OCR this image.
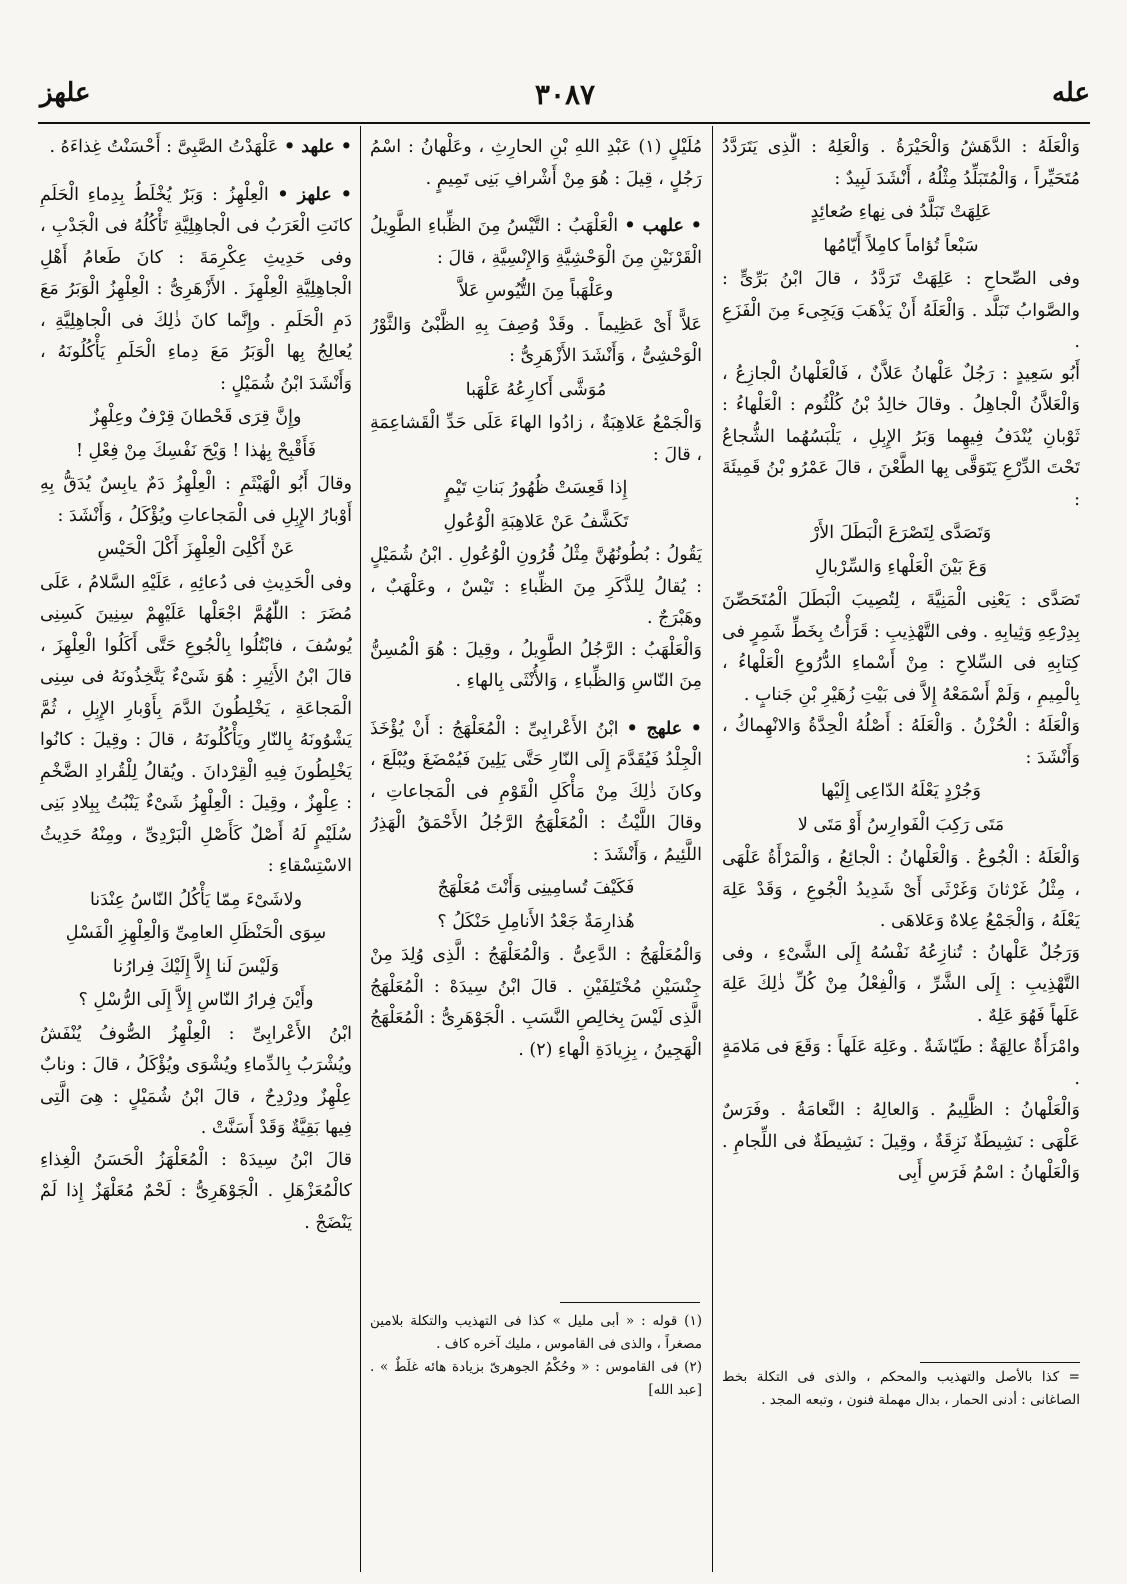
عله
٣٠٨٧
علهز

وَالْعَلَهُ : الدَّهَشُ وَالْحَيْرَةُ . وَالْعَلِهُ : الَّذِى يَتَرَدَّدُ مُتَحَيِّراً ، وَالْمُتَبَلِّدُ مِثْلُهُ ، أَنْشَدَ لَبِيدٌ :

عَلِهَتْ تَبَلَّدُ فى نِهاءِ صُعائِدٍ

سَبْعاً تُؤاماً كامِلاً أَيّامُها

وفى الصِّحاحِ : عَلِهَتْ تَرَدَّدُ ، قالَ ابْنُ بَرِّىٍّ : والصَّوابُ تَبَلَّد . وَالْعَلَهُ أَنْ يَذْهَبَ وَيَجِىءَ مِنَ الْفَزَعِ .

أَبُو سَعِيدٍ : رَجُلٌ عَلْهانُ عَلاَّنٌ ، فَالْعَلْهانُ الْجازِعُ ، وَالْعَلاَّنُ الْجاهِلُ . وقالَ خالِدُ بْنُ كُلْثُوم : الْعَلْهاءُ : ثَوْبانِ يُنْدَفُ فِيهِما وَبَرُ الإِبِلِ ، يَلْبَسُهُما الشُّجاعُ تَحْتَ الدِّرْعِ يَتَوَقَّى بِها الطَّعْنَ ، قالَ عَمْرُو بْنُ قَمِيئَةَ :

وَتَصَدَّى لِتَصْرَعَ الْبَطَلَ الأَرْ

وَعَ بَيْنَ الْعَلْهاءِ وَالسِّرْبالِ

تَصَدَّى : يَعْنِى الْمَنِيَّةَ ، لِتُصِيبَ الْبَطَلَ الْمُتَحَصِّنَ بِدِرْعِهِ وَثِيابِهِ . وفى التَّهْذِيبِ : قَرَأْتُ بِخَطِّ شَمِرٍ فى كِتابِهِ فى السِّلاحِ : مِنْ أَسْماءِ الدُّرُوعِ الْعَلْهاءُ ، بِالْمِيمِ ، وَلَمْ أَسْمَعْهُ إِلاَّ فى بَيْتِ زُهَيْرِ بْنِ جَنابٍ .

وَالْعَلَهُ : الْحُزْنُ . وَالْعَلَهُ : أَصْلُهُ الْحِدَّةُ وَالانْهِماكُ ، وَأَنْشَدَ :

وَجُرْدٍ يَعْلَهُ الدّاعِى إِلَيْها

مَتَى رَكِبَ الْفَوارِسُ أَوْ مَتَى لا

وَالْعَلَهُ : الْجُوعُ . وَالْعَلْهانُ : الْجائِعُ ، وَالْمَرْأَةُ عَلْهَى ، مِثْلُ غَرْثانَ وَغَرْثَى أَىْ شَدِيدُ الْجُوعِ ، وَقَدْ عَلِهَ يَعْلَهُ ، وَالْجَمْعُ عِلاهٌ وَعَلاهَى .

وَرَجُلٌ عَلْهانُ : تُنازِعُهُ نَفْسُهُ إِلَى الشَّىْءِ ، وفى التَّهْذِيبِ : إِلَى الشَّرِّ ، وَالْفِعْلُ مِنْ كُلِّ ذٰلِكَ عَلِهَ عَلَهاً فَهُوَ عَلِهٌ .

وامْرَأَةٌ عالِهَةٌ : طَيّاشَةٌ . وعَلِهَ عَلَهاً : وَقَعَ فى مَلامَةٍ .

وَالْعَلْهانُ : الظَّلِيمُ . وَالعالِهُ : النَّعامَةُ . وفَرَسٌ عَلْهَى : نَشِيطَةٌ نَزِقَةٌ ، وقِيلَ : نَشِيطَةٌ فى اللِّجامِ . وَالْعَلْهانُ : اسْمُ فَرَسِ أَبِى

= كذا بالأصل والتهذيب والمحكم ، والذى فى التكلة بخط الصاغانى : أدنى الحمار ، بدال مهملة فنون ، وتبعه المجد .

مُلَيْلٍ (١) عَبْدِ اللهِ بْنِ الحارِثِ ، وعَلْهانُ : اسْمُ رَجُلٍ ، قِيلَ : هُوَ مِنْ أَشْرافِ بَنِى تَمِيمٍ .

• علهب • الْعَلْهَبُ : التَّيْسُ مِنَ الظِّباءِ الطَّوِيلُ الْقَرْنَيْنِ مِنَ الْوَحْشِيَّةِ وَالإِنْسِيَّةِ ، قالَ :

وعَلْهَباً مِنَ التُّيُوسِ عَلاَّ

عَلاًّ أَىْ عَظِيماً . وقَدْ وُصِفَ بِهِ الظَّبْىُ وَالثَّوْرُ الْوَحْشِىُّ ، وَأَنْشَدَ الأَزْهَرِىُّ :

مُوَشَّى أَكارِعُهُ عَلْهَبا

وَالْجَمْعُ عَلاهِبَةٌ ، زادُوا الهاءَ عَلَى حَدِّ الْقَشاعِمَةِ ، قالَ :

إِذا قَعِسَتْ ظُهُورُ بَناتِ تَيْمٍ

تَكَشَّفُ عَنْ عَلاهِبَةِ الْوُعُولِ

يَقُولُ : بُطُونُهُنَّ مِثْلُ قُرُونِ الْوُعُولِ . ابْنُ شُمَيْلٍ : يُقالُ لِلذَّكَرِ مِنَ الظِّباءِ : تَيْسٌ ، وعَلْهَبٌ ، وهَبْرَجٌ .

وَالْعَلْهَبُ : الرَّجُلُ الطَّوِيلُ ، وقِيلَ : هُوَ الْمُسِنُّ مِنَ النّاسِ وَالظِّباءِ ، وَالأُنْثَى بِالهاءِ .

• علهج • ابْنُ الأَعْرابِىِّ : الْمُعَلْهَجُ : أَنْ يُؤْخَذَ الْجِلْدُ فَيُقَدَّمَ إِلَى النّارِ حَتَّى يَلِينَ فَيُمْضَغَ ويُبْلَعَ ، وكانَ ذٰلِكَ مِنْ مَأْكَلِ الْقَوْمِ فى الْمَجاعاتِ ، وقالَ اللَّيْثُ : الْمُعَلْهَجُ الرَّجُلُ الأَحْمَقُ الْهَذِرُ اللَّئِيمُ ، وَأَنْشَدَ :

فَكَيْفَ تُسامِينِى وَأَنْتَ مُعَلْهَجٌ

هُذارِمَةٌ جَعْدُ الأَنامِلِ حَنْكَلُ ؟

وَالْمُعَلْهَجُ : الدَّعِىُّ . وَالْمُعَلْهَجُ : الَّذِى وُلِدَ مِنْ جِنْسَيْنِ مُخْتَلِفَيْنِ . قالَ ابْنُ سِيدَهْ : الْمُعَلْهَجُ الَّذِى لَيْسَ بِخالِصِ النَّسَبِ . الْجَوْهَرِىُّ : الْمُعَلْهَجُ الْهَجِينُ ، بِزِيادَةِ الْهاءِ (٢) .

(١) قوله : « أبى مليل » كذا فى التهذيب والتكلة بلامين مصغراً ، والذى فى القاموس ، مليك آخره كاف .

(٢) فى القاموس : « وحُكْمُ الجوهرىّ بزيادة هائه غلَطٌ » . [عبد الله]

• علهد • عَلْهَدْتُ الصَّبِىَّ : أَحْسَنْتُ غِذاءَهُ .

• علهز • الْعِلْهِزُ : وَبَرٌ يُخْلَطُ بِدِماءِ الْحَلَمِ كانَتِ الْعَرَبُ فى الْجاهِلِيَّةِ تَأْكُلُهُ فى الْجَدْبِ ، وفى حَدِيثِ عِكْرِمَةَ : كانَ طَعامُ أَهْلِ الْجاهِلِيَّةِ الْعِلْهِزَ . الأَزْهَرِىُّ : الْعِلْهِزُ الْوَبَرُ مَعَ دَمِ الْحَلَمِ . وإِنَّما كانَ ذٰلِكَ فى الْجاهِلِيَّةِ ، يُعالِجُ بِها الْوَبَرُ مَعَ دِماءِ الْحَلَمِ يَأْكُلُونَهُ ، وَأَنْشَدَ ابْنُ شُمَيْلٍ :

وإِنَّ قِرَى قَحْطانَ قِرْفٌ وعِلْهِزٌ

فَأَقْبِحْ بِهٰذا ! وَيْحَ نَفْسِكَ مِنْ فِعْلِ !

وقالَ أَبُو الْهَيْثَمِ : الْعِلْهِزُ دَمٌ يابِسٌ يُدَقُّ بِهِ أَوْبارُ الإِبِلِ فى الْمَجاعاتِ ويُؤْكَلُ ، وَأَنْشَدَ :

عَنْ أَكْلِىَ الْعِلْهِزَ أَكْلَ الْحَيْسِ

وفى الْحَدِيثِ فى دُعائِهِ ، عَلَيْهِ السَّلامُ ، عَلَى مُضَرَ : اللّٰهُمَّ اجْعَلْها عَلَيْهِمْ سِنِينَ كَسِنِى يُوسُفَ ، فابْتُلُوا بِالْجُوعِ حَتَّى أَكَلُوا الْعِلْهِزَ ، قالَ ابْنُ الأَثِيرِ : هُوَ شَىْءٌ يَتَّخِذُونَهُ فى سِنِى الْمَجاعَةِ ، يَخْلِطُونَ الدَّمَ بِأَوْبارِ الإِبِلِ ، ثُمَّ يَشْوُونَهُ بِالنّارِ ويَأْكُلُونَهُ ، قالَ : وقِيلَ : كانُوا يَخْلِطُونَ فِيهِ الْقِرْدانَ . ويُقالُ لِلْقُرادِ الضَّخْمِ : عِلْهِزٌ ، وقِيلَ : الْعِلْهِزُ شَىْءٌ يَنْبُتُ بِبِلادِ بَنِى سُلَيْمٍ لَهُ أَصْلٌ كَأَصْلِ الْبَرْدِىِّ ، ومِنْهُ حَدِيثُ الاسْتِسْقاءِ :

ولاشَىْءَ مِمّا يَأْكُلُ النّاسُ عِنْدَنا

سِوَى الْحَنْظَلِ العامِىِّ وَالْعِلْهِزِ الْفَسْلِ

وَلَيْسَ لَنا إِلاَّ إِلَيْكَ فِرارُنا

وأَيْنَ فِرارُ النّاسِ إِلاَّ إِلَى الرُّسْلِ ؟

ابْنُ الأَعْرابِىِّ : الْعِلْهِزُ الصُّوفُ يُنْفَشُ ويُشْرَبُ بِالدِّماءِ ويُشْوَى ويُؤْكَلُ ، قالَ : ونابٌ عِلْهِزٌ ودِرْدِحٌ ، قالَ ابْنُ شُمَيْلٍ : هِىَ الَّتِى فِيها بَقِيَّةٌ وَقَدْ أَسَنَّتْ .

قالَ ابْنُ سِيدَهْ : الْمُعَلْهَزُ الْحَسَنُ الْغِذاءِ كالْمُعَزْهَلِ . الْجَوْهَرِىُّ : لَحْمٌ مُعَلْهَزٌ إِذا لَمْ يَنْضَجْ .
